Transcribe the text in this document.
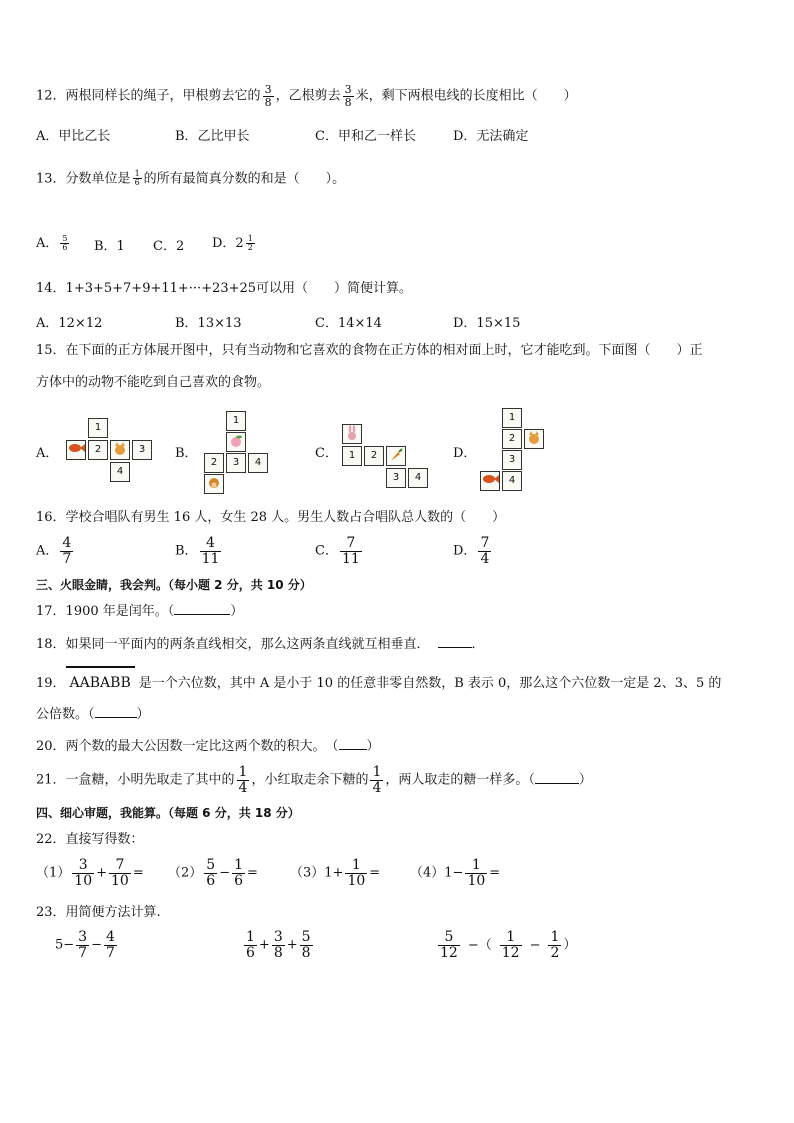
12．两根同样长的绳子，甲根剪去它的 $\frac{3}{8}$ ，乙根剪去 $\frac{3}{8}$ 米，剩下两根电线的长度相比（　　）
A．甲比乙长	B．乙比甲长	C．甲和乙一样长	D．无法确定
13．分数单位是 $\frac{1}{6}$ 的所有最简真分数的和是（　　）。
A． $\frac{5}{6}$ B．1 C．2 D．$2 \frac{1}{2}$
14．1+3+5+7+9+11+···+23+25可以用（　　）简便计算。
A．12×12	B．13×13	C．14×14	D．15×15
15．在下面的正方体展开图中，只有当动物和它喜欢的食物在正方体的相对面上时，它才能吃到。下面图（　　）正
方体中的动物不能吃到自己喜欢的食物。
A．
1
2	3
4
B．
1
2	3	4
C．	1	2
3	4
D．
1
2
3
4
16．学校合唱队有男生 16 人，女生 28 人。男生人数占合唱队总人数的（　　）
A． $\frac{4}{7}$	B． $\frac{4}{11}$	C． $\frac{7}{11}$	D． $\frac{7}{4}$
三、火眼金睛，我会判。（每小题 2 分，共 10 分）
17．1900 年是闰年。（	）
18．如果同一平面内的两条直线相交，那么这两条直线就互相垂直．	．
19． AABABB 是一个六位数，其中 A 是小于 10 的任意非零自然数，B 表示 0，那么这个六位数一定是 2、3、5 的
公倍数。（	）
20．两个数的最大公因数一定比这两个数的积大。　（ ）
21．一盒糖，小明先取走了其中的 $\frac{1}{4}$ ，小红取走余下糖的 $\frac{1}{4}$ ，两人取走的糖一样多。（	）
四、细心审题，我能算。（每题 6 分，共 18 分）
22．直接写得数：
$(1) \frac{3}{10} + \frac{7}{10} = (2) \frac{5}{6} - \frac{1}{6} = (3)1+ \frac{1}{10} = (4)1- \frac{1}{10}$ =
23．用简便方法计算.
$5- \frac{3}{7} - \frac{4}{7}$	$\frac{1}{6} + \frac{3}{8} + \frac{5}{8}$	$\frac{5}{12}$ −（ $\frac{1}{12} - \frac{1}{2}$ ）
